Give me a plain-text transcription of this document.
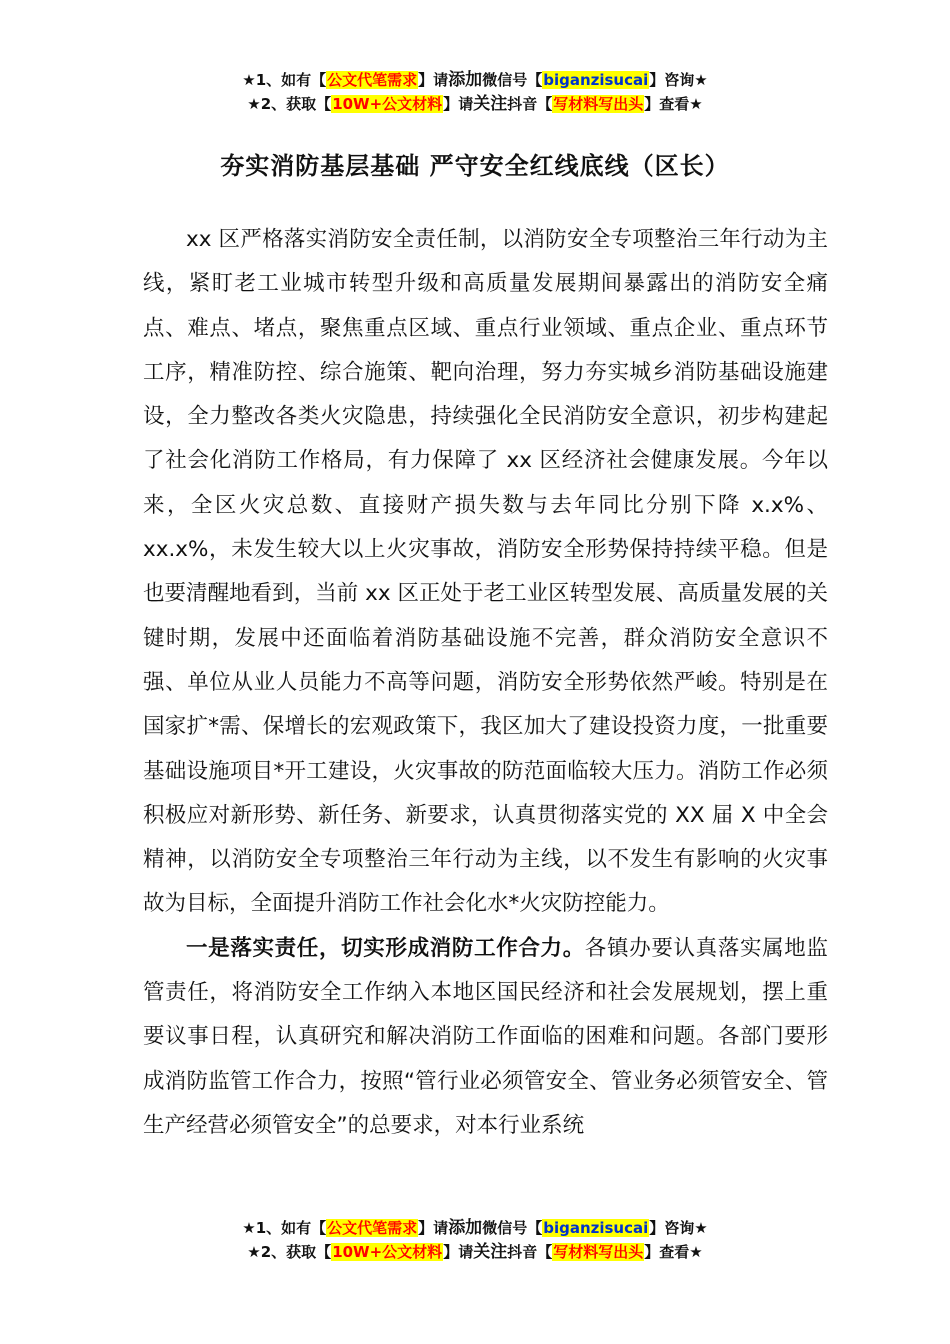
★1、如有【公文代笔需求】请添加微信号【biganzisucai】咨询★
★2、获取【10W+公文材料】请关注抖音【写材料写出头】查看★
夯实消防基层基础 严守安全红线底线（区长）

xx 区严格落实消防安全责任制，以消防安全专项整治三年行动为主线，紧盯老工业城市转型升级和高质量发展期间暴露出的消防安全痛点、难点、堵点，聚焦重点区域、重点行业领域、重点企业、重点环节工序，精准防控、综合施策、靶向治理，努力夯实城乡消防基础设施建设，全力整改各类火灾隐患，持续强化全民消防安全意识，初步构建起了社会化消防工作格局，有力保障了 xx 区经济社会健康发展。今年以来，全区火灾总数、直接财产损失数与去年同比分别下降 x.x%、xx.x%，未发生较大以上火灾事故，消防安全形势保持持续平稳。但是也要清醒地看到，当前 xx 区正处于老工业区转型发展、高质量发展的关键时期，发展中还面临着消防基础设施不完善，群众消防安全意识不强、单位从业人员能力不高等问题，消防安全形势依然严峻。特别是在国家扩*需、保增长的宏观政策下，我区加大了建设投资力度，一批重要基础设施项目*开工建设，火灾事故的防范面临较大压力。消防工作必须积极应对新形势、新任务、新要求，认真贯彻落实党的 XX 届 X 中全会精神，以消防安全专项整治三年行动为主线，以不发生有影响的火灾事故为目标，全面提升消防工作社会化水*火灾防控能力。

一是落实责任，切实形成消防工作合力。各镇办要认真落实属地监管责任，将消防安全工作纳入本地区国民经济和社会发展规划，摆上重要议事日程，认真研究和解决消防工作面临的困难和问题。各部门要形成消防监管工作合力，按照“管行业必须管安全、管业务必须管安全、管生产经营必须管安全”的总要求，对本行业系统

★1、如有【公文代笔需求】请添加微信号【biganzisucai】咨询★
★2、获取【10W+公文材料】请关注抖音【写材料写出头】查看★
